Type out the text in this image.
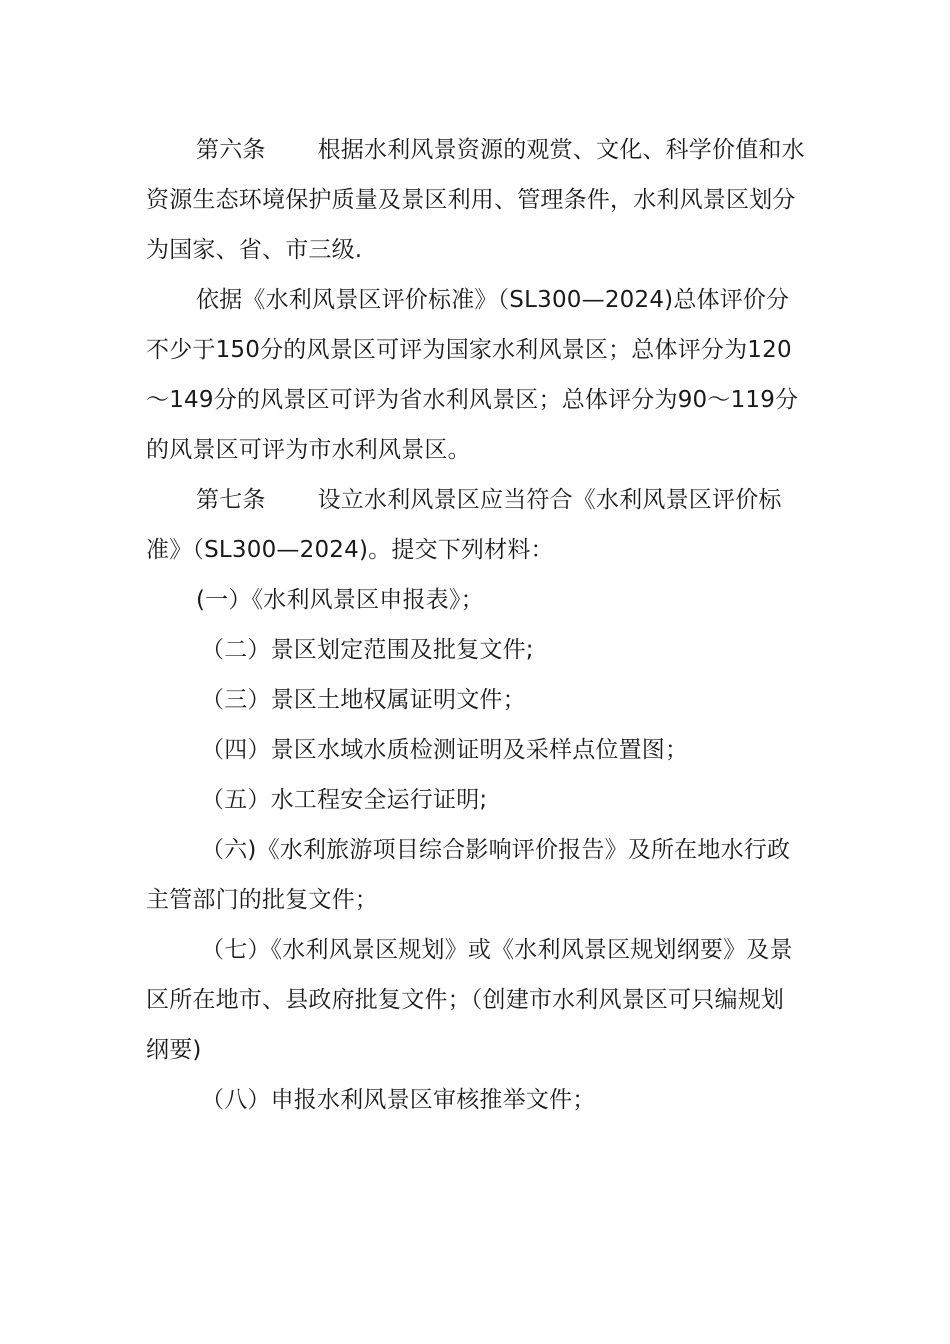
第六条 根据水利风景资源的观赏、文化、科学价值和水资源生态环境保护质量及景区利用、管理条件，水利风景区划分为国家、省、市三级.

依据《水利风景区评价标准》（SL300—2024)总体评价分不少于150分的风景区可评为国家水利风景区；总体评分为120～149分的风景区可评为省水利风景区；总体评分为90～119分的风景区可评为市水利风景区。

第七条 设立水利风景区应当符合《水利风景区评价标准》（SL300—2024)。提交下列材料：

(一）《水利风景区申报表》；

（二）景区划定范围及批复文件;

（三）景区土地权属证明文件；

（四）景区水域水质检测证明及采样点位置图；

（五）水工程安全运行证明;

（六)《水利旅游项目综合影响评价报告》及所在地水行政主管部门的批复文件；

（七）《水利风景区规划》或《水利风景区规划纲要》及景区所在地市、县政府批复文件；（创建市水利风景区可只编规划纲要)

（八）申报水利风景区审核推举文件；
